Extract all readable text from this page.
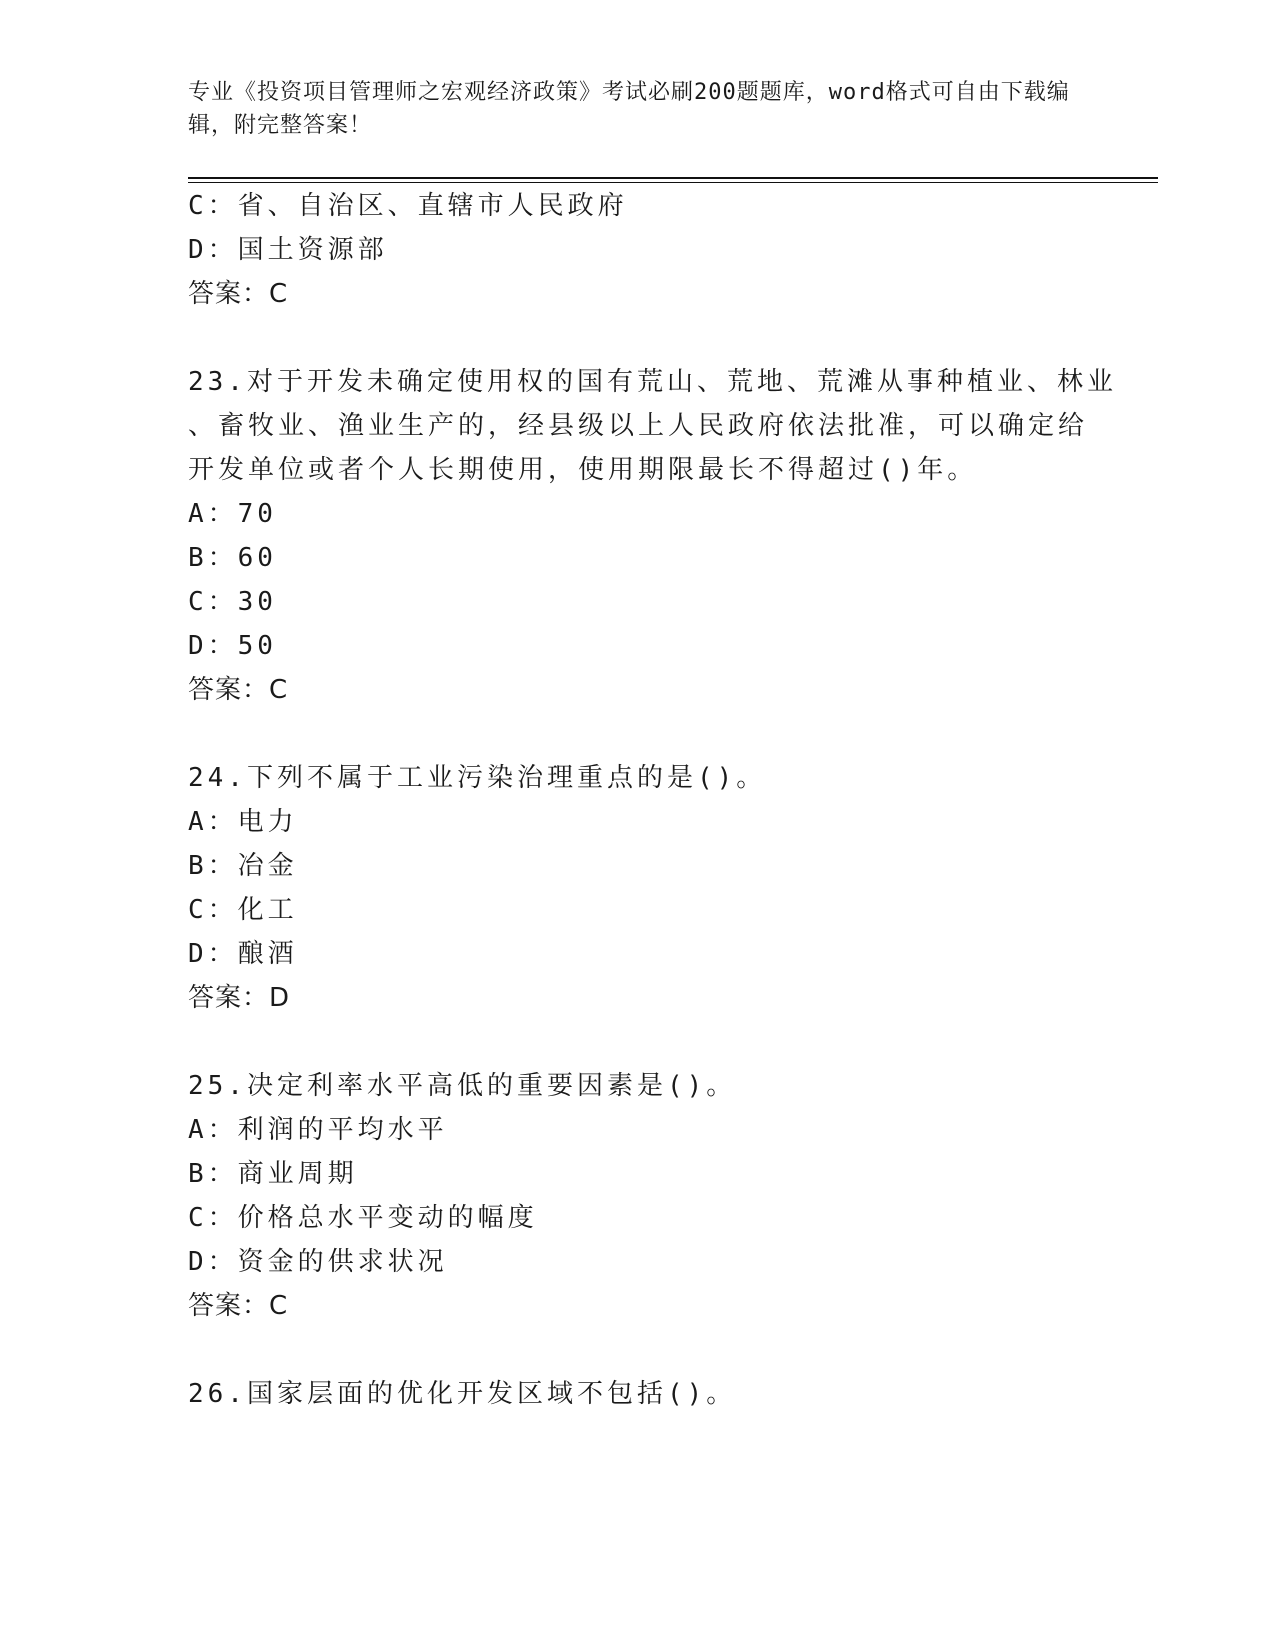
专业《投资项目管理师之宏观经济政策》考试必刷200题题库，word格式可自由下载编辑，附完整答案！

C：省、自治区、直辖市人民政府

D：国土资源部

答案：C

23.对于开发未确定使用权的国有荒山、荒地、荒滩从事种植业、林业

、畜牧业、渔业生产的，经县级以上人民政府依法批准，可以确定给

开发单位或者个人长期使用，使用期限最长不得超过()年。

A：70

B：60

C：30

D：50

答案：C

24.下列不属于工业污染治理重点的是()。

A：电力

B：冶金

C：化工

D：酿酒

答案：D

25.决定利率水平高低的重要因素是()。

A：利润的平均水平

B：商业周期

C：价格总水平变动的幅度

D：资金的供求状况

答案：C

26.国家层面的优化开发区域不包括()。
